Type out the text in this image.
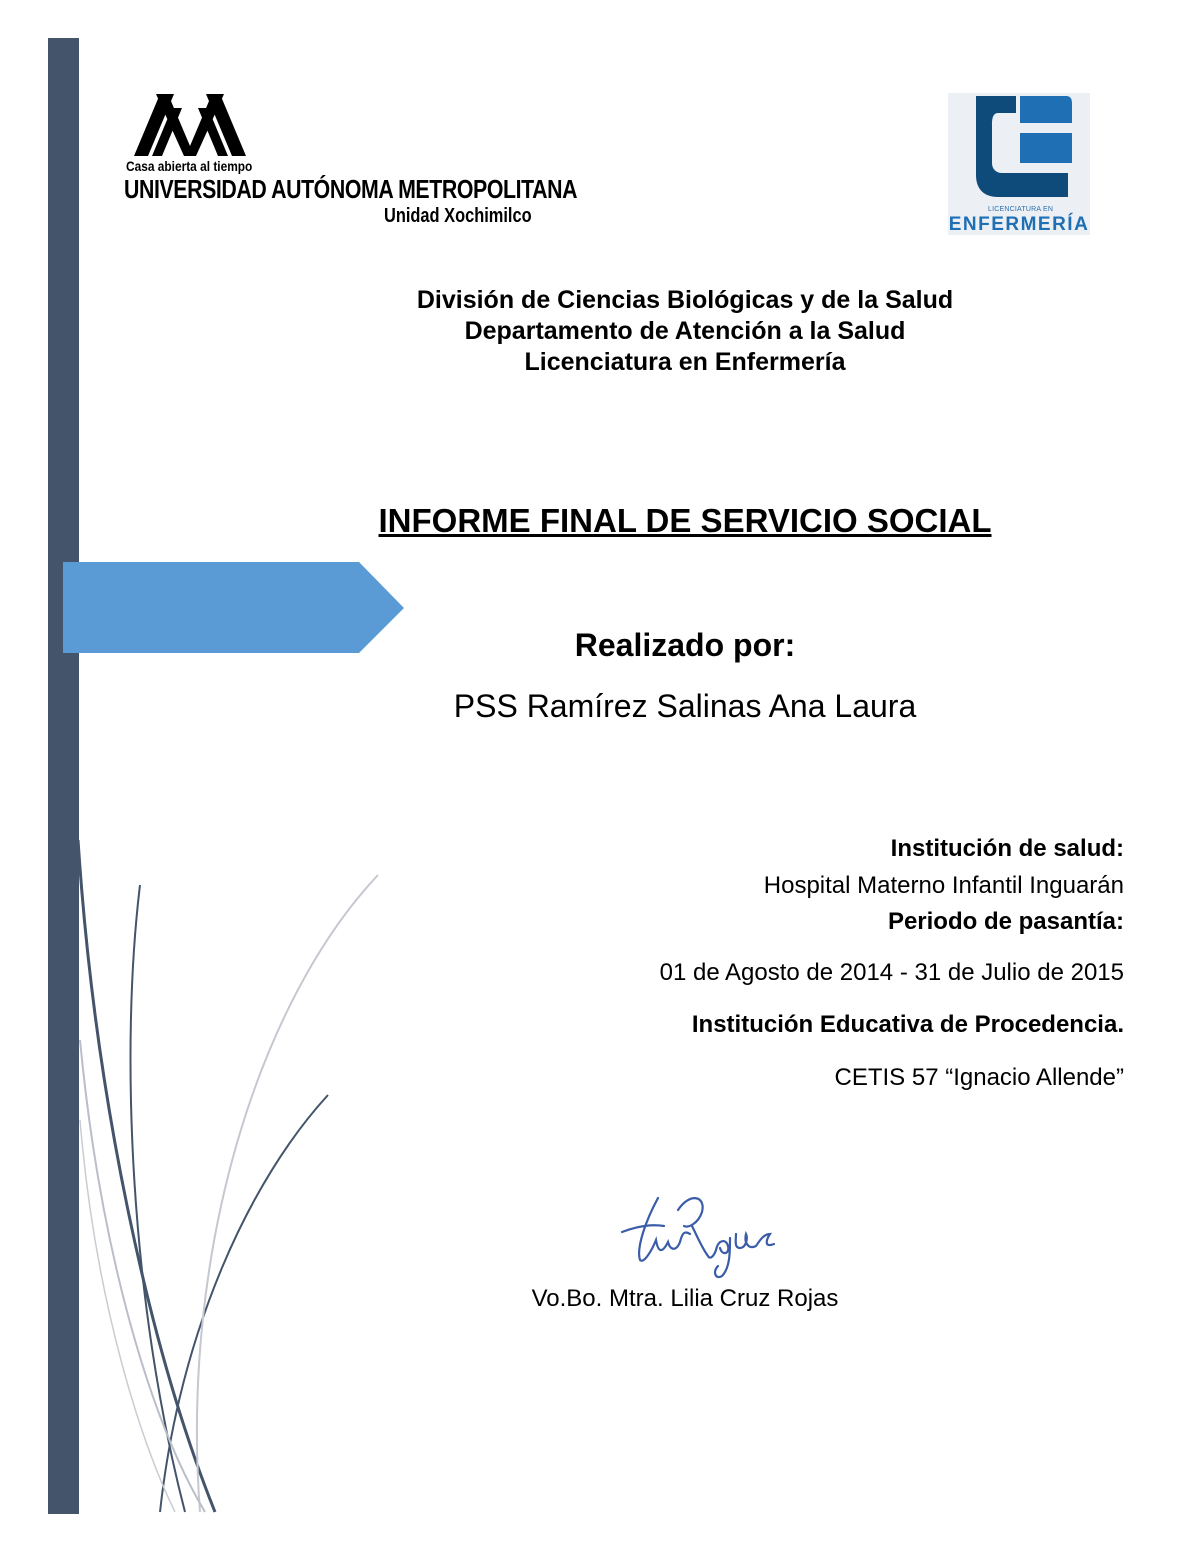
Casa abierta al tiempo
UNIVERSIDAD AUTÓNOMA METROPOLITANA
Unidad Xochimilco	LICENCIATURA EN
ENFERMERÍA
División de Ciencias Biológicas y de la Salud
Departamento de Atención a la Salud
Licenciatura en Enfermería
INFORME FINAL DE SERVICIO SOCIAL
Realizado por:
PSS Ramírez Salinas Ana Laura
Institución de salud:
Hospital Materno Infantil Inguarán
Periodo de pasantía:
01 de Agosto de 2014 - 31 de Julio de 2015
Institución Educativa de Procedencia.
CETIS 57 “Ignacio Allende”
Vo.Bo. Mtra. Lilia Cruz Rojas
